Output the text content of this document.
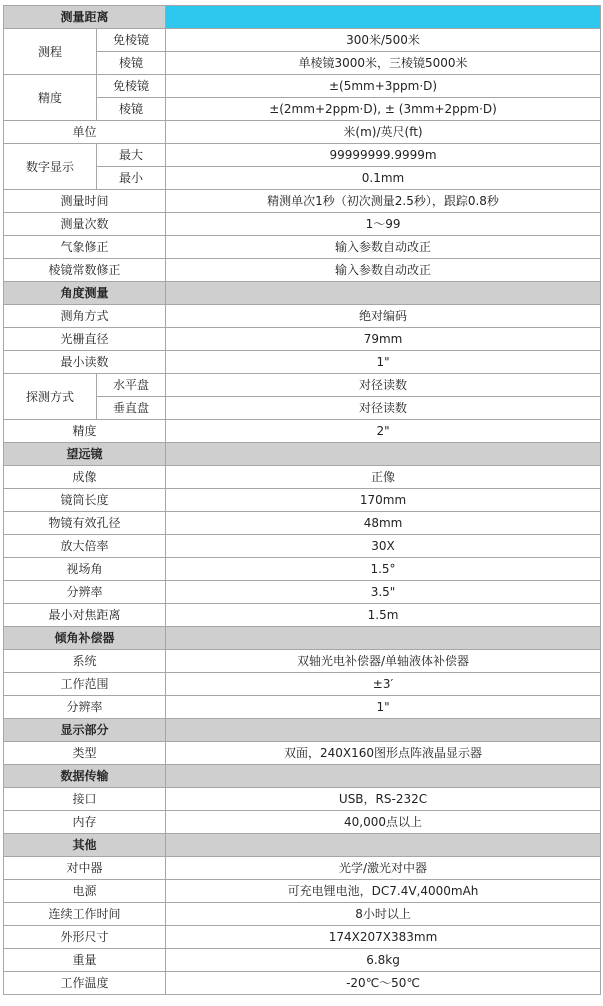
测量距离		
测程	免棱镜	300米/500米
	棱镜	单棱镜3000米，三棱镜5000米
精度	免棱镜	±(5mm+3ppm·D)
	棱镜	±(2mm+2ppm·D), ± (3mm+2ppm·D)
单位		米(m)/英尺(ft)
数字显示	最大	99999999.9999m
	最小	0.1mm
测量时间		精测单次1秒（初次测量2.5秒），跟踪0.8秒
测量次数		1～99
气象修正		输入参数自动改正
棱镜常数修正		输入参数自动改正
角度测量		
测角方式		绝对编码
光栅直径		79mm
最小读数		1"
探测方式	水平盘	对径读数
	垂直盘	对径读数
精度		2"
望远镜		
成像		正像
镜筒长度		170mm
物镜有效孔径		48mm
放大倍率		30X
视场角		1.5°
分辨率		3.5"
最小对焦距离		1.5m
倾角补偿器		
系统		双轴光电补偿器/单轴液体补偿器
工作范围		±3′
分辨率		1"
显示部分		
类型		双面，240X160图形点阵液晶显示器
数据传输		
接口		USB，RS-232C
内存		40,000点以上
其他		
对中器		光学/激光对中器
电源		可充电锂电池，DC7.4V,4000mAh
连续工作时间		8小时以上
外形尺寸		174X207X383mm
重量		6.8kg
工作温度		-20℃～50℃
